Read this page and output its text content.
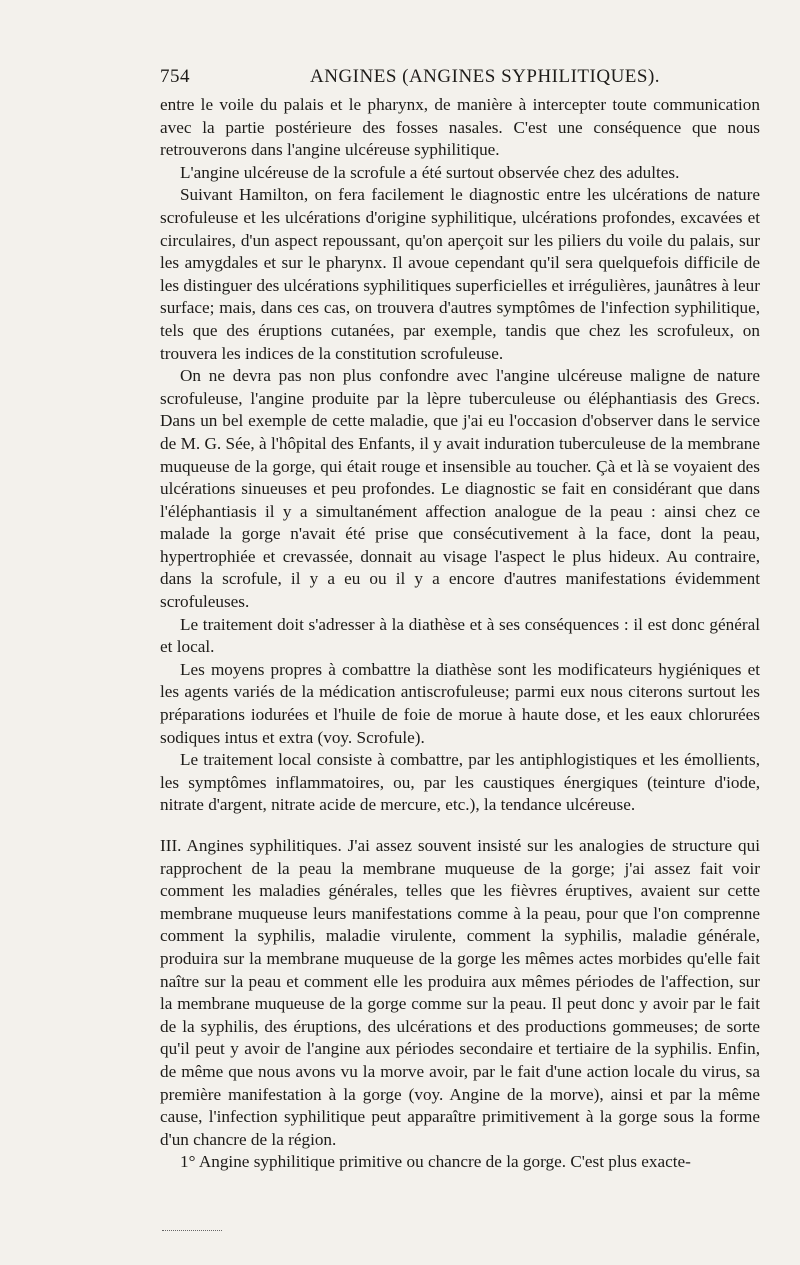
754	ANGINES (ANGINES SYPHILITIQUES).

entre le voile du palais et le pharynx, de manière à intercepter toute communication avec la partie postérieure des fosses nasales. C'est une conséquence que nous retrouverons dans l'angine ulcéreuse syphilitique.

L'angine ulcéreuse de la scrofule a été surtout observée chez des adultes.

Suivant Hamilton, on fera facilement le diagnostic entre les ulcérations de nature scrofuleuse et les ulcérations d'origine syphilitique, ulcérations profondes, excavées et circulaires, d'un aspect repoussant, qu'on aperçoit sur les piliers du voile du palais, sur les amygdales et sur le pharynx. Il avoue cependant qu'il sera quelquefois difficile de les distinguer des ulcérations syphilitiques superficielles et irrégulières, jaunâtres à leur surface; mais, dans ces cas, on trouvera d'autres symptômes de l'infection syphilitique, tels que des éruptions cutanées, par exemple, tandis que chez les scrofuleux, on trouvera les indices de la constitution scrofuleuse.

On ne devra pas non plus confondre avec l'angine ulcéreuse maligne de nature scrofuleuse, l'angine produite par la lèpre tuberculeuse ou éléphantiasis des Grecs. Dans un bel exemple de cette maladie, que j'ai eu l'occasion d'observer dans le service de M. G. Sée, à l'hôpital des Enfants, il y avait induration tuberculeuse de la membrane muqueuse de la gorge, qui était rouge et insensible au toucher. Çà et là se voyaient des ulcérations sinueuses et peu profondes. Le diagnostic se fait en considérant que dans l'éléphantiasis il y a simultanément affection analogue de la peau : ainsi chez ce malade la gorge n'avait été prise que consécutivement à la face, dont la peau, hypertrophiée et crevassée, donnait au visage l'aspect le plus hideux. Au contraire, dans la scrofule, il y a eu ou il y a encore d'autres manifestations évidemment scrofuleuses.

Le traitement doit s'adresser à la diathèse et à ses conséquences : il est donc général et local.

Les moyens propres à combattre la diathèse sont les modificateurs hygiéniques et les agents variés de la médication antiscrofuleuse; parmi eux nous citerons surtout les préparations iodurées et l'huile de foie de morue à haute dose, et les eaux chlorurées sodiques intus et extra (voy. Scrofule).

Le traitement local consiste à combattre, par les antiphlogistiques et les émollients, les symptômes inflammatoires, ou, par les caustiques énergiques (teinture d'iode, nitrate d'argent, nitrate acide de mercure, etc.), la tendance ulcéreuse.

III. Angines syphilitiques. J'ai assez souvent insisté sur les analogies de structure qui rapprochent de la peau la membrane muqueuse de la gorge; j'ai assez fait voir comment les maladies générales, telles que les fièvres éruptives, avaient sur cette membrane muqueuse leurs manifestations comme à la peau, pour que l'on comprenne comment la syphilis, maladie virulente, comment la syphilis, maladie générale, produira sur la membrane muqueuse de la gorge les mêmes actes morbides qu'elle fait naître sur la peau et comment elle les produira aux mêmes périodes de l'affection, sur la membrane muqueuse de la gorge comme sur la peau. Il peut donc y avoir par le fait de la syphilis, des éruptions, des ulcérations et des productions gommeuses; de sorte qu'il peut y avoir de l'angine aux périodes secondaire et tertiaire de la syphilis. Enfin, de même que nous avons vu la morve avoir, par le fait d'une action locale du virus, sa première manifestation à la gorge (voy. Angine de la morve), ainsi et par la même cause, l'infection syphilitique peut apparaître primitivement à la gorge sous la forme d'un chancre de la région.

1° Angine syphilitique primitive ou chancre de la gorge. C'est plus exacte-
